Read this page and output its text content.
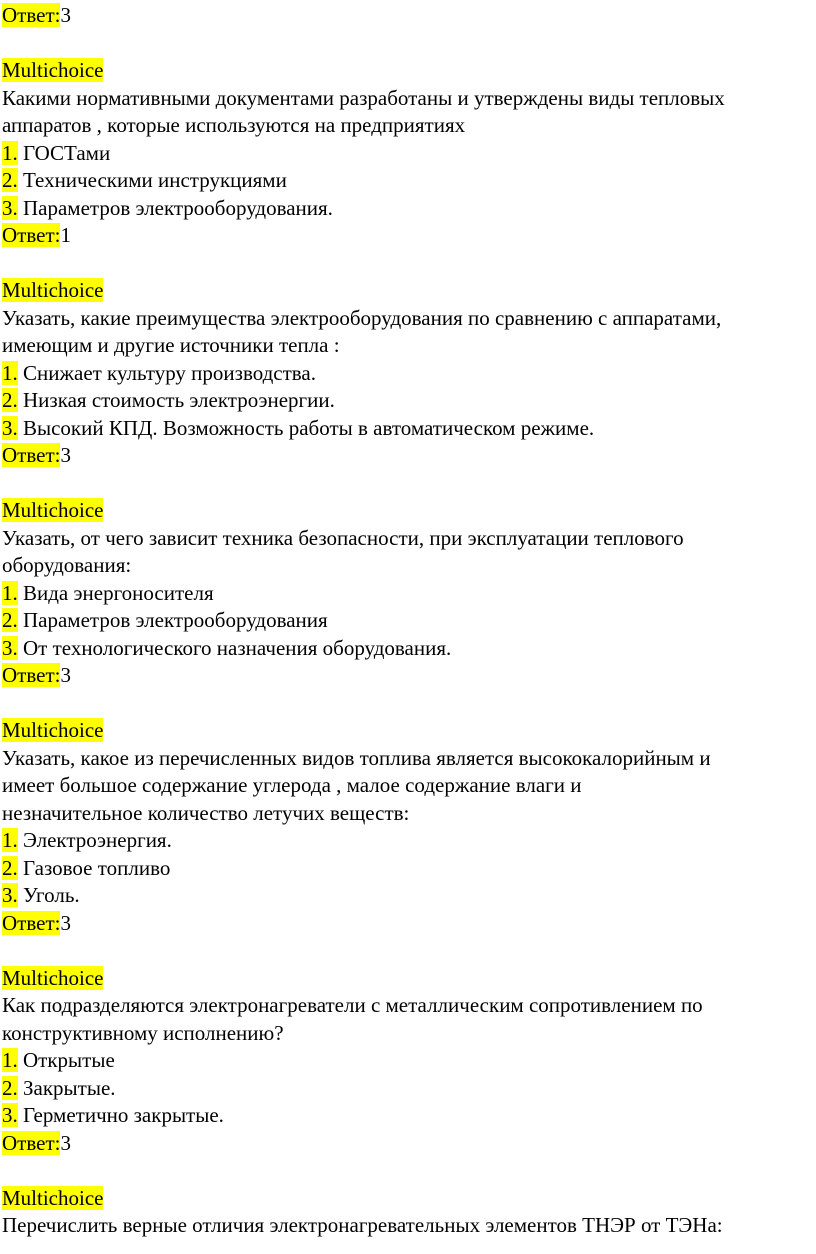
Ответ:3
Multichoice
Какими нормативными документами разработаны и утверждены виды тепловых
аппаратов , которые используются на предприятиях
1. ГОСТами
2. Техническими инструкциями
3. Параметров электрооборудования.
Ответ:1
Multichoice
Указать, какие преимущества электрооборудования по сравнению с аппаратами,
имеющим и другие источники тепла :
1. Снижает культуру производства.
2. Низкая стоимость электроэнергии.
3. Высокий КПД. Возможность работы в автоматическом режиме.
Ответ:3
Multichoice
Указать, от чего зависит техника безопасности, при эксплуатации теплового
оборудования:
1. Вида энергоносителя
2. Параметров электрооборудования
3. От технологического назначения оборудования.
Ответ:3
Multichoice
Указать, какое из перечисленных видов топлива является высококалорийным и
имеет большое содержание углерода , малое содержание влаги и
незначительное количество летучих веществ:
1. Электроэнергия.
2. Газовое топливо
3. Уголь.
Ответ:3
Multichoice
Как подразделяются электронагреватели с металлическим сопротивлением по
конструктивному исполнению?
1. Открытые
2. Закрытые.
3. Герметично закрытые.
Ответ:3
Multichoice
Перечислить верные отличия электронагревательных элементов ТНЭР от ТЭНа:
